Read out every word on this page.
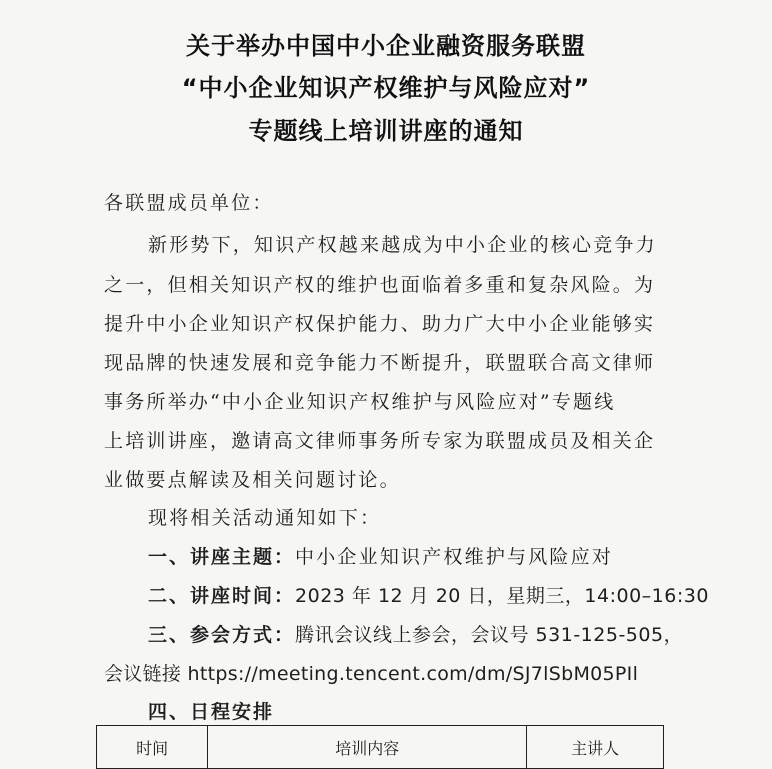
关于举办中国中小企业融资服务联盟
“中小企业知识产权维护与风险应对”
专题线上培训讲座的通知
各联盟成员单位：
新形势下，知识产权越来越成为中小企业的核心竞争力
之一，但相关知识产权的维护也面临着多重和复杂风险。为
提升中小企业知识产权保护能力、助力广大中小企业能够实
现品牌的快速发展和竞争能力不断提升，联盟联合高文律师
事务所举办“中小企业知识产权维护与风险应对”专题线
上培训讲座，邀请高文律师事务所专家为联盟成员及相关企
业做要点解读及相关问题讨论。
现将相关活动通知如下：
一、讲座主题：中小企业知识产权维护与风险应对
二、讲座时间：2023 年 12 月 20 日，星期三，14:00–16:30
三、参会方式：腾讯会议线上参会，会议号 531-125-505，
会议链接 https://meeting.tencent.com/dm/SJ7lSbM05PIl
四、日程安排
时间	培训内容	主讲人
